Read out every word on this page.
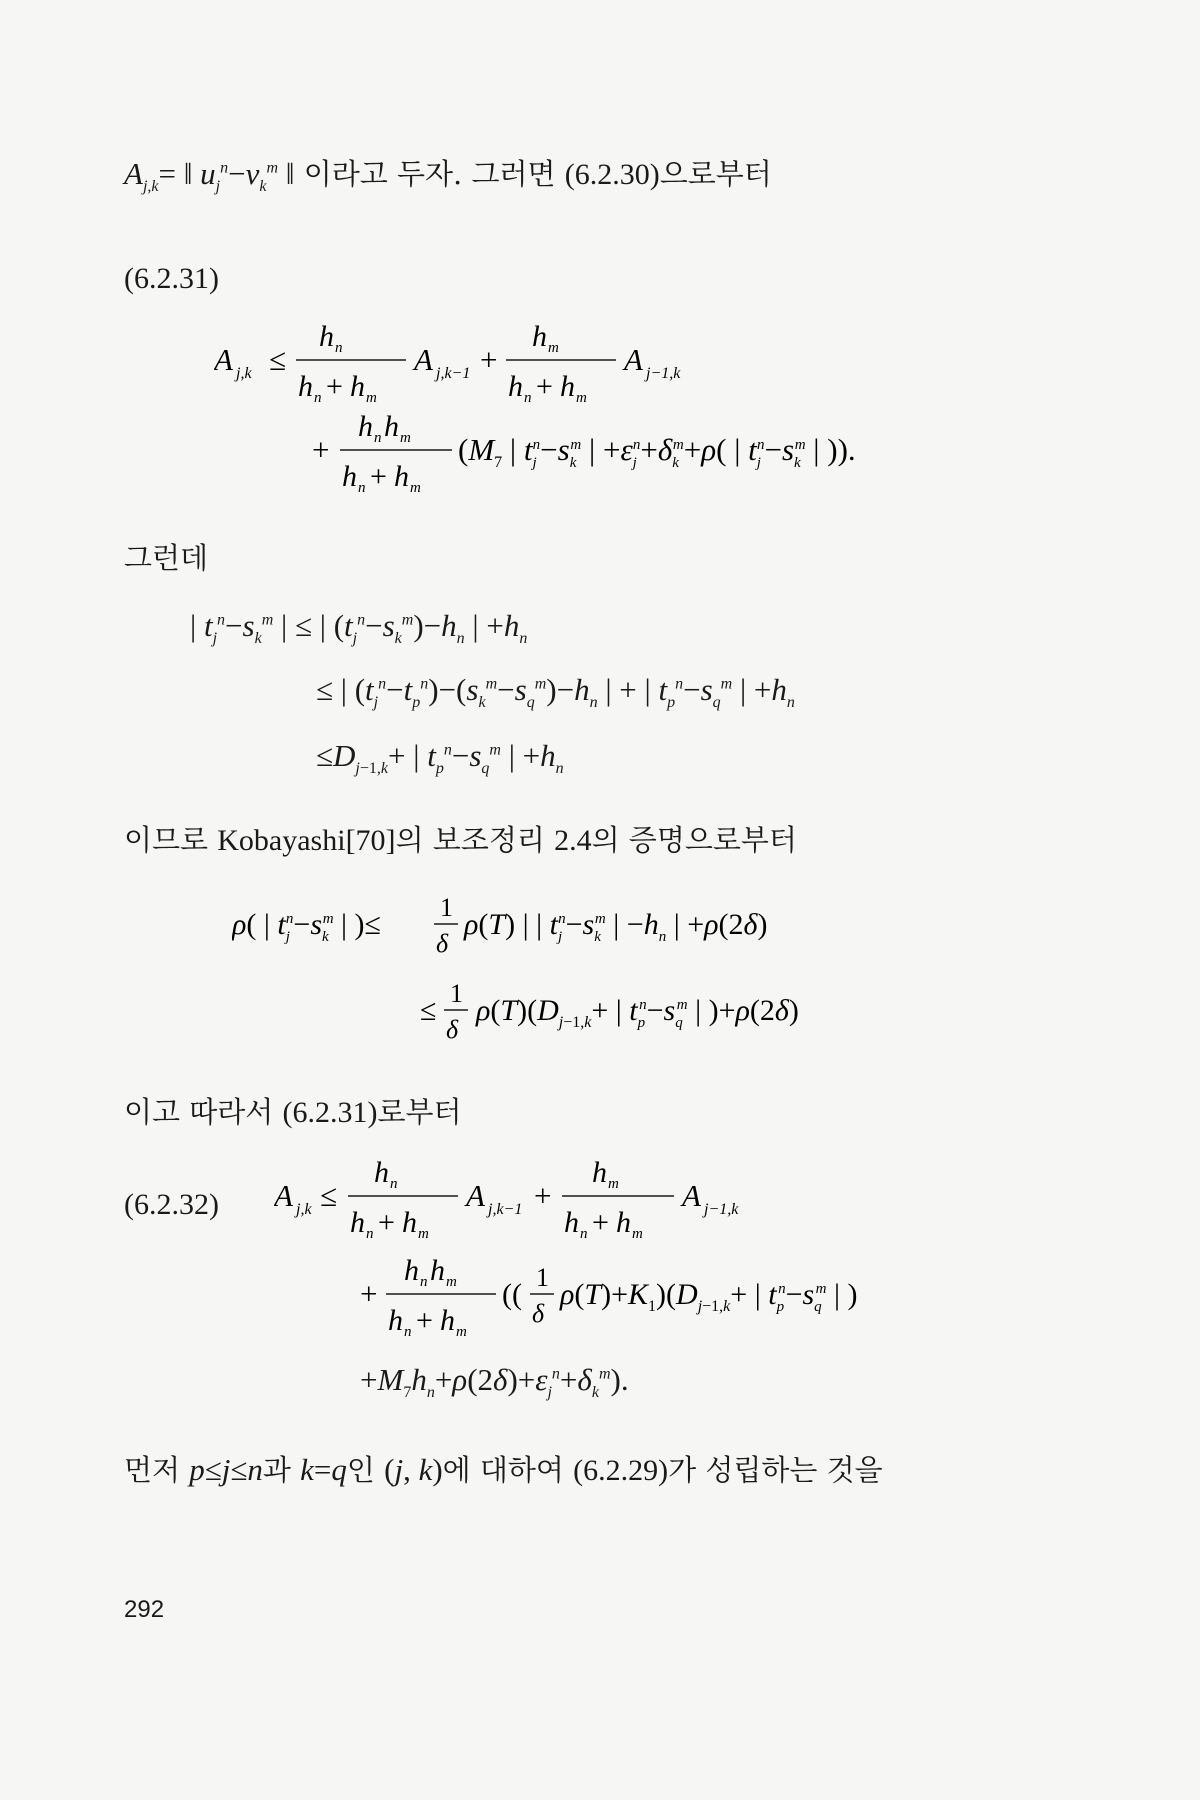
$A_{j,k}=$ ‖ $u_j^n-v_k^m$ ‖ 이라고 두자. 그러면 (6.2.30)으로부터
(6.2.31)
A j,k ≤
h n
h n + h m
A j,k−1 +
h m
h n + h m
A j−1,k
+
h n h m
h n + h m
($M_7$ | $t_jn-s_km$ | $+\varepsilon_jn+\delta_km+\rho$( | $t_jn-s_km$ | )).
그런데
| $t_j^n-s_k^m$ | ≤ | $(t_j^n-s_k^m)-h_n$ | $+h_n$
≤ | $(t_j^n-t_p^n)-(s_k^m-s_q^m)-h_n$ | + | $t_p^n-s_q^m$ | $+h_n$
$\le D_{j-1,k}+$ | $t_p^n-s_q^m$ | $+h_n$
이므로 Kobayashi[70]의 보조정리 2.4의 증명으로부터
ρ( | $t_jn-s_km$ | )≤
1
δ
ρ(T) | | $t_jn-s_km$ | $-h_n$ | +ρ(2δ)
≤
1
δ
$\rho(T)(D_{j-1,k}+$ | $t_pn-s_qm$ | )+ρ(2δ)
이고 따라서 (6.2.31)로부터
(6.2.32) A j,k ≤
h n
h n + h m
A j,k−1 +
h m
h n + h m
A j−1,k
+
h n h m
h n + h m
((
1
δ
$\rho(T)+K_1)(D_{j-1,k}+$ | $t_pn-s_qm$ | )
$+M_7h_n+\rho(2\delta)+\varepsilon_j^n+\delta_k^m$).
먼저 p≤j≤n과 k=q인 (j, k)에 대하여 (6.2.29)가 성립하는 것을
292
